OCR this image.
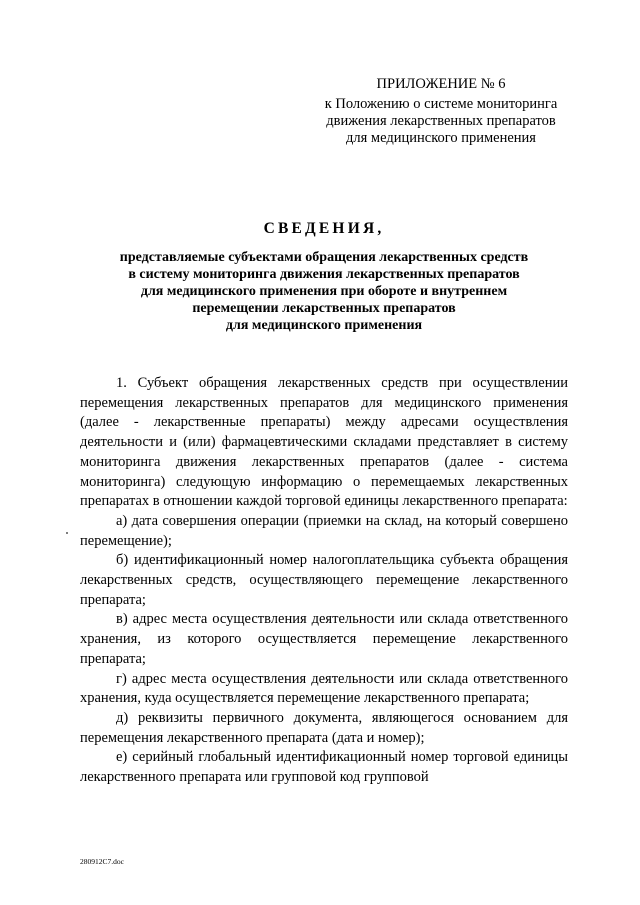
ПРИЛОЖЕНИЕ № 6
к Положению о системе мониторинга
движения лекарственных препаратов
для медицинского применения
СВЕДЕНИЯ,
представляемые субъектами обращения лекарственных средств
в систему мониторинга движения лекарственных препаратов
для медицинского применения при обороте и внутреннем
перемещении лекарственных препаратов
для медицинского применения

1. Субъект обращения лекарственных средств при осуществлении перемещения лекарственных препаратов для медицинского применения (далее - лекарственные препараты) между адресами осуществления деятельности и (или) фармацевтическими складами представляет в систему мониторинга движения лекарственных препаратов (далее - система мониторинга) следующую информацию о перемещаемых лекарственных препаратах в отношении каждой торговой единицы лекарственного препарата:

а) дата совершения операции (приемки на склад, на который совершено перемещение);

б) идентификационный номер налогоплательщика субъекта обращения лекарственных средств, осуществляющего перемещение лекарственного препарата;

в) адрес места осуществления деятельности или склада ответственного хранения, из которого осуществляется перемещение лекарственного препарата;

г) адрес места осуществления деятельности или склада ответственного хранения, куда осуществляется перемещение лекарственного препарата;

д) реквизиты первичного документа, являющегося основанием для перемещения лекарственного препарата (дата и номер);

е) серийный глобальный идентификационный номер торговой единицы лекарственного препарата или групповой код групповой

280912C7.doc
